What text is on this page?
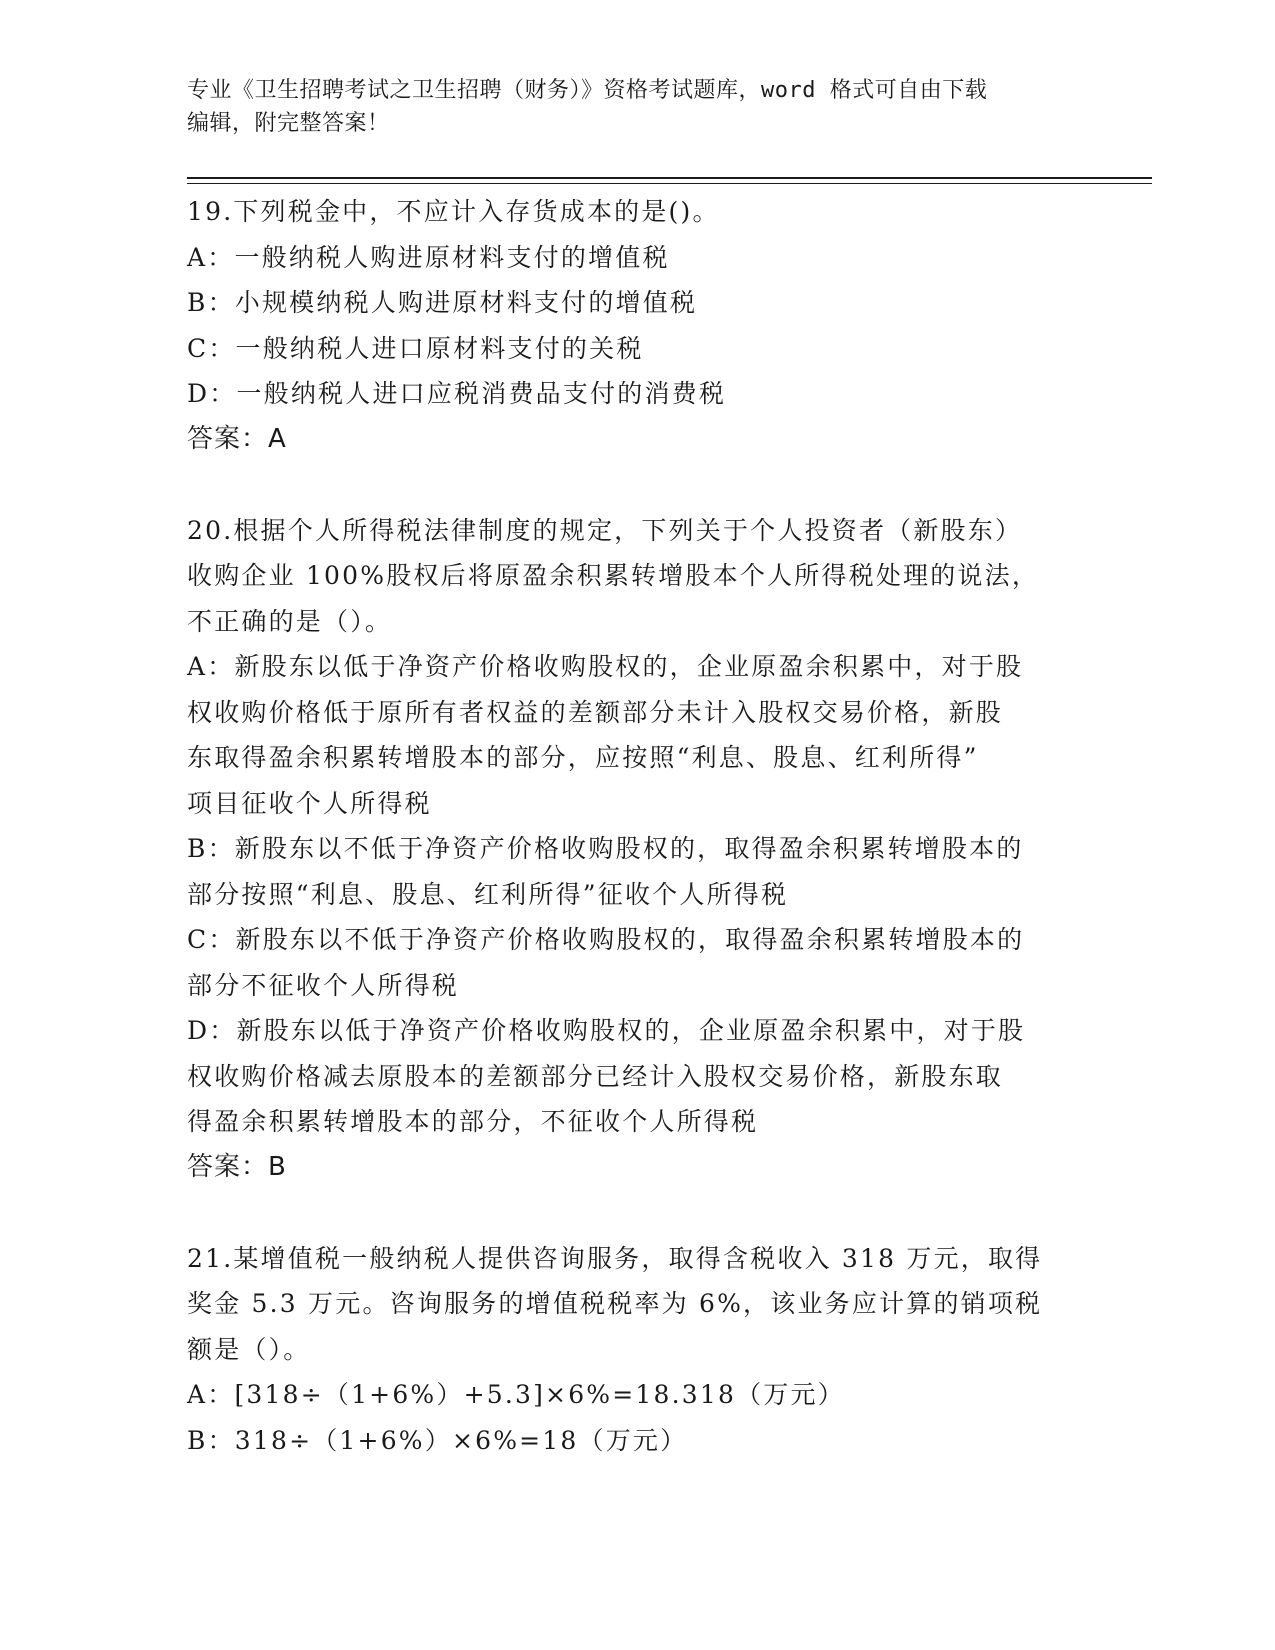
专业《卫生招聘考试之卫生招聘（财务）》资格考试题库，word 格式可自由下载
编辑，附完整答案！
19.下列税金中，不应计入存货成本的是()。
A：一般纳税人购进原材料支付的增值税
B：小规模纳税人购进原材料支付的增值税
C：一般纳税人进口原材料支付的关税
D：一般纳税人进口应税消费品支付的消费税
答案：A
20.根据个人所得税法律制度的规定，下列关于个人投资者（新股东）
收购企业 100%股权后将原盈余积累转增股本个人所得税处理的说法，
不正确的是（）。
A：新股东以低于净资产价格收购股权的，企业原盈余积累中，对于股
权收购价格低于原所有者权益的差额部分未计入股权交易价格，新股
东取得盈余积累转增股本的部分，应按照“利息、股息、红利所得”
项目征收个人所得税
B：新股东以不低于净资产价格收购股权的，取得盈余积累转增股本的
部分按照“利息、股息、红利所得”征收个人所得税
C：新股东以不低于净资产价格收购股权的，取得盈余积累转增股本的
部分不征收个人所得税
D：新股东以低于净资产价格收购股权的，企业原盈余积累中，对于股
权收购价格减去原股本的差额部分已经计入股权交易价格，新股东取
得盈余积累转增股本的部分，不征收个人所得税
答案：B
21.某增值税一般纳税人提供咨询服务，取得含税收入 318 万元，取得
奖金 5.3 万元。咨询服务的增值税税率为 6%，该业务应计算的销项税
额是（）。
A：[318÷（1+6%）+5.3]×6%=18.318（万元）
B：318÷（1+6%）×6%=18（万元）
